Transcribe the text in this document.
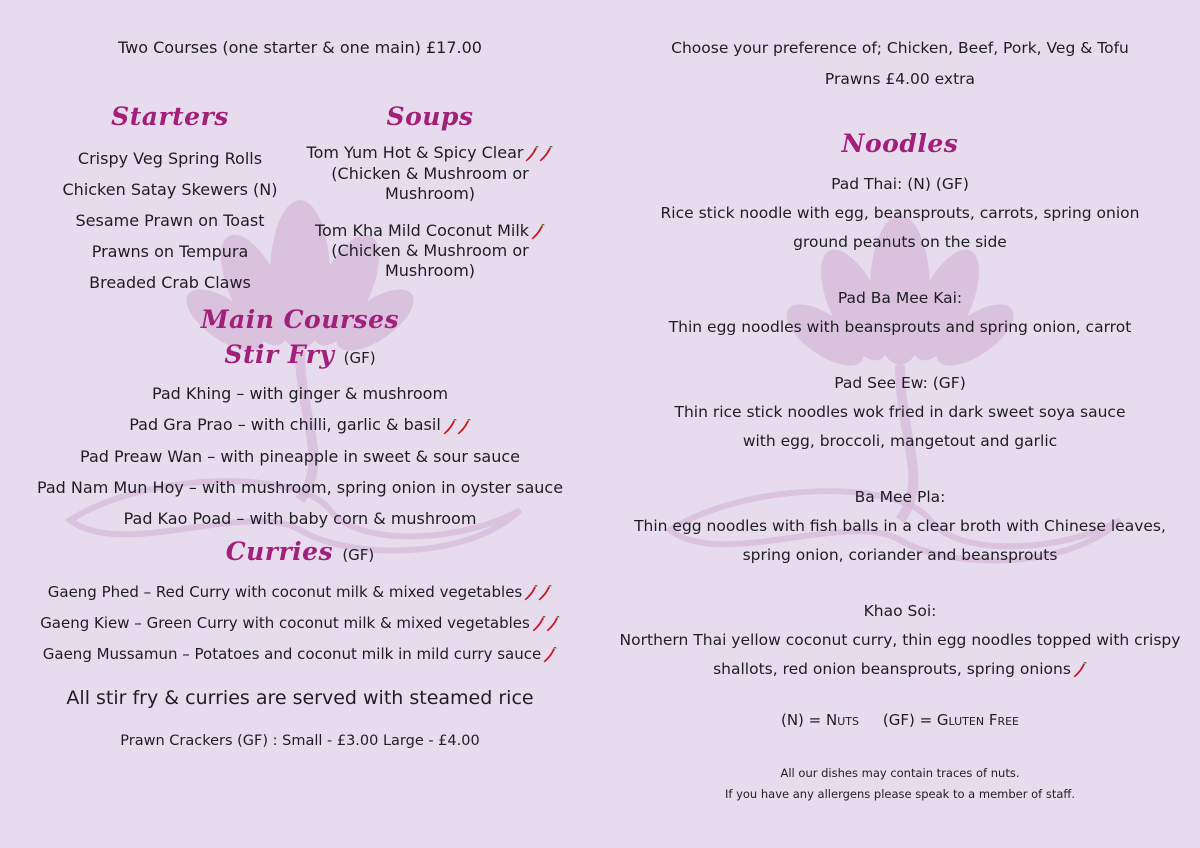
Two Courses (one starter & one main) £17.00
Starters
Crispy Veg Spring Rolls
Chicken Satay Skewers (N)
Sesame Prawn on Toast
Prawns on Tempura
Breaded Crab Claws
Soups
Tom Yum Hot & Spicy Clear
(Chicken & Mushroom or
Mushroom)
Tom Kha Mild Coconut Milk
(Chicken & Mushroom or
Mushroom)
Main Courses
Stir Fry (GF)
Pad Khing – with ginger & mushroom
Pad Gra Prao – with chilli, garlic & basil
Pad Preaw Wan – with pineapple in sweet & sour sauce
Pad Nam Mun Hoy – with mushroom, spring onion in oyster sauce
Pad Kao Poad – with baby corn & mushroom
Curries (GF)
Gaeng Phed – Red Curry with coconut milk & mixed vegetables
Gaeng Kiew – Green Curry with coconut milk & mixed vegetables
Gaeng Mussamun – Potatoes and coconut milk in mild curry sauce
All stir fry & curries are served with steamed rice
Prawn Crackers (GF) : Small - £3.00 Large - £4.00
Choose your preference of; Chicken, Beef, Pork, Veg & Tofu
Prawns £4.00 extra
Noodles
Pad Thai: (N) (GF)
Rice stick noodle with egg, beansprouts, carrots, spring onion
ground peanuts on the side
Pad Ba Mee Kai:
Thin egg noodles with beansprouts and spring onion, carrot
Pad See Ew: (GF)
Thin rice stick noodles wok fried in dark sweet soya sauce
with egg, broccoli, mangetout and garlic
Ba Mee Pla:
Thin egg noodles with fish balls in a clear broth with Chinese leaves,
spring onion, coriander and beansprouts
Khao Soi:
Northern Thai yellow coconut curry, thin egg noodles topped with crispy
shallots, red onion beansprouts, spring onions
(N) = Nuts (GF) = Gluten Free
All our dishes may contain traces of nuts.
If you have any allergens please speak to a member of staff.
